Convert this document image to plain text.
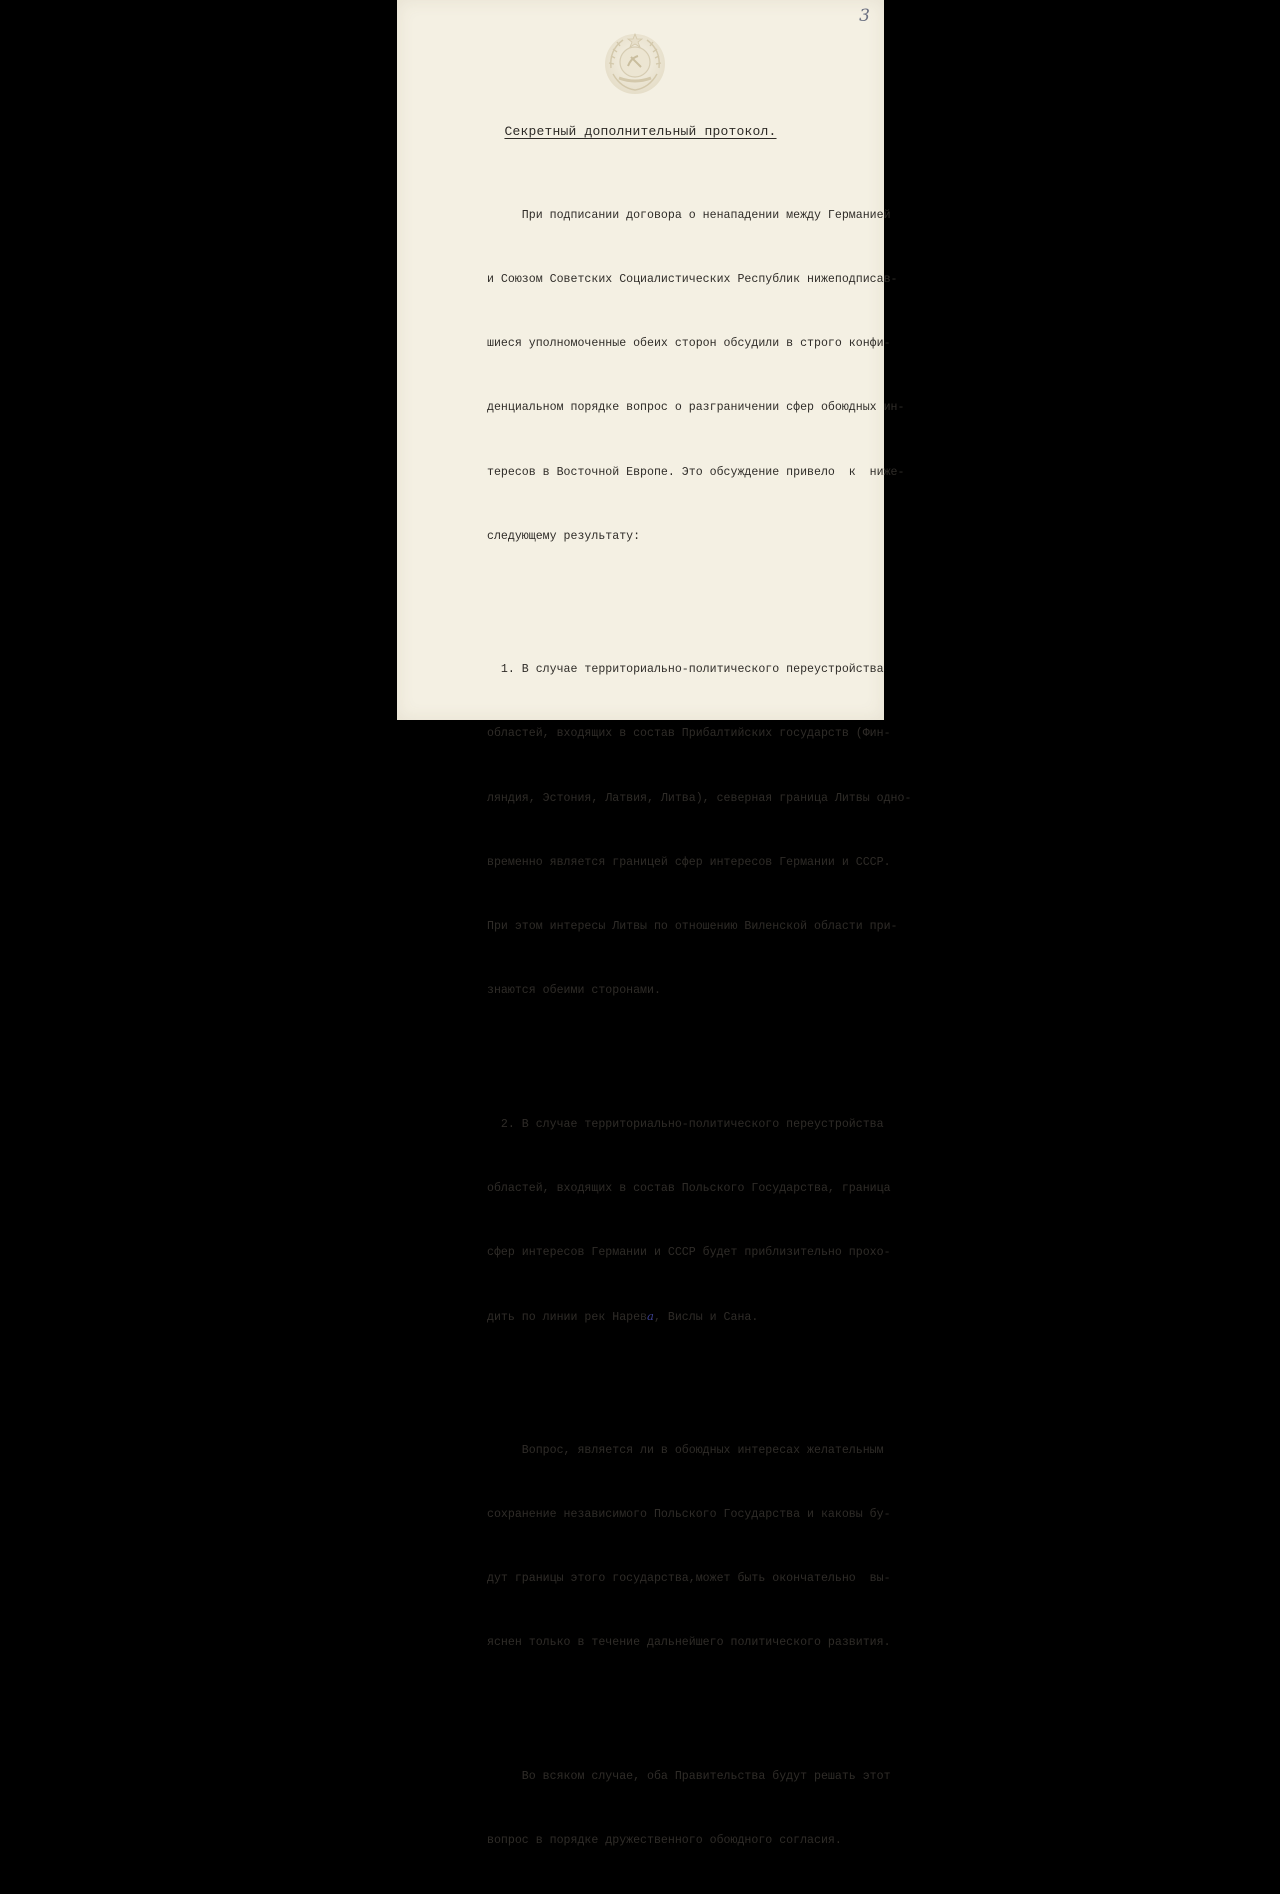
3
Секретный дополнительный протокол.

При подписании договора о ненападении между Германией

и Союзом Советских Социалистических Республик нижеподписав-

шиеся уполномоченные обеих сторон обсудили в строго конфи-

денциальном порядке вопрос о разграничении сфер обоюдных ин-

тересов в Восточной Европе. Это обсуждение привело  к  ниже-

следующему результату:

1. В случае территориально-политического переустройства

областей, входящих в состав Прибалтийских государств (Фин-

ляндия, Эстония, Латвия, Литва), северная граница Литвы одно-

временно является границей сфер интересов Германии и СССР.

При этом интересы Литвы по отношению Виленской области при-

знаются обеими сторонами.

2. В случае территориально-политического переустройства

областей, входящих в состав Польского Государства, граница

сфер интересов Германии и СССР будет приблизительно прохо-

дить по линии рек Нарева, Вислы и Сана.

Вопрос, является ли в обоюдных интересах желательным

сохранение независимого Польского Государства и каковы бу-

дут границы этого государства,может быть окончательно  вы-

яснен только в течение дальнейшего политического развития.

Во всяком случае, оба Правительства будут решать этот

вопрос в порядке дружественного обоюдного согласия.
